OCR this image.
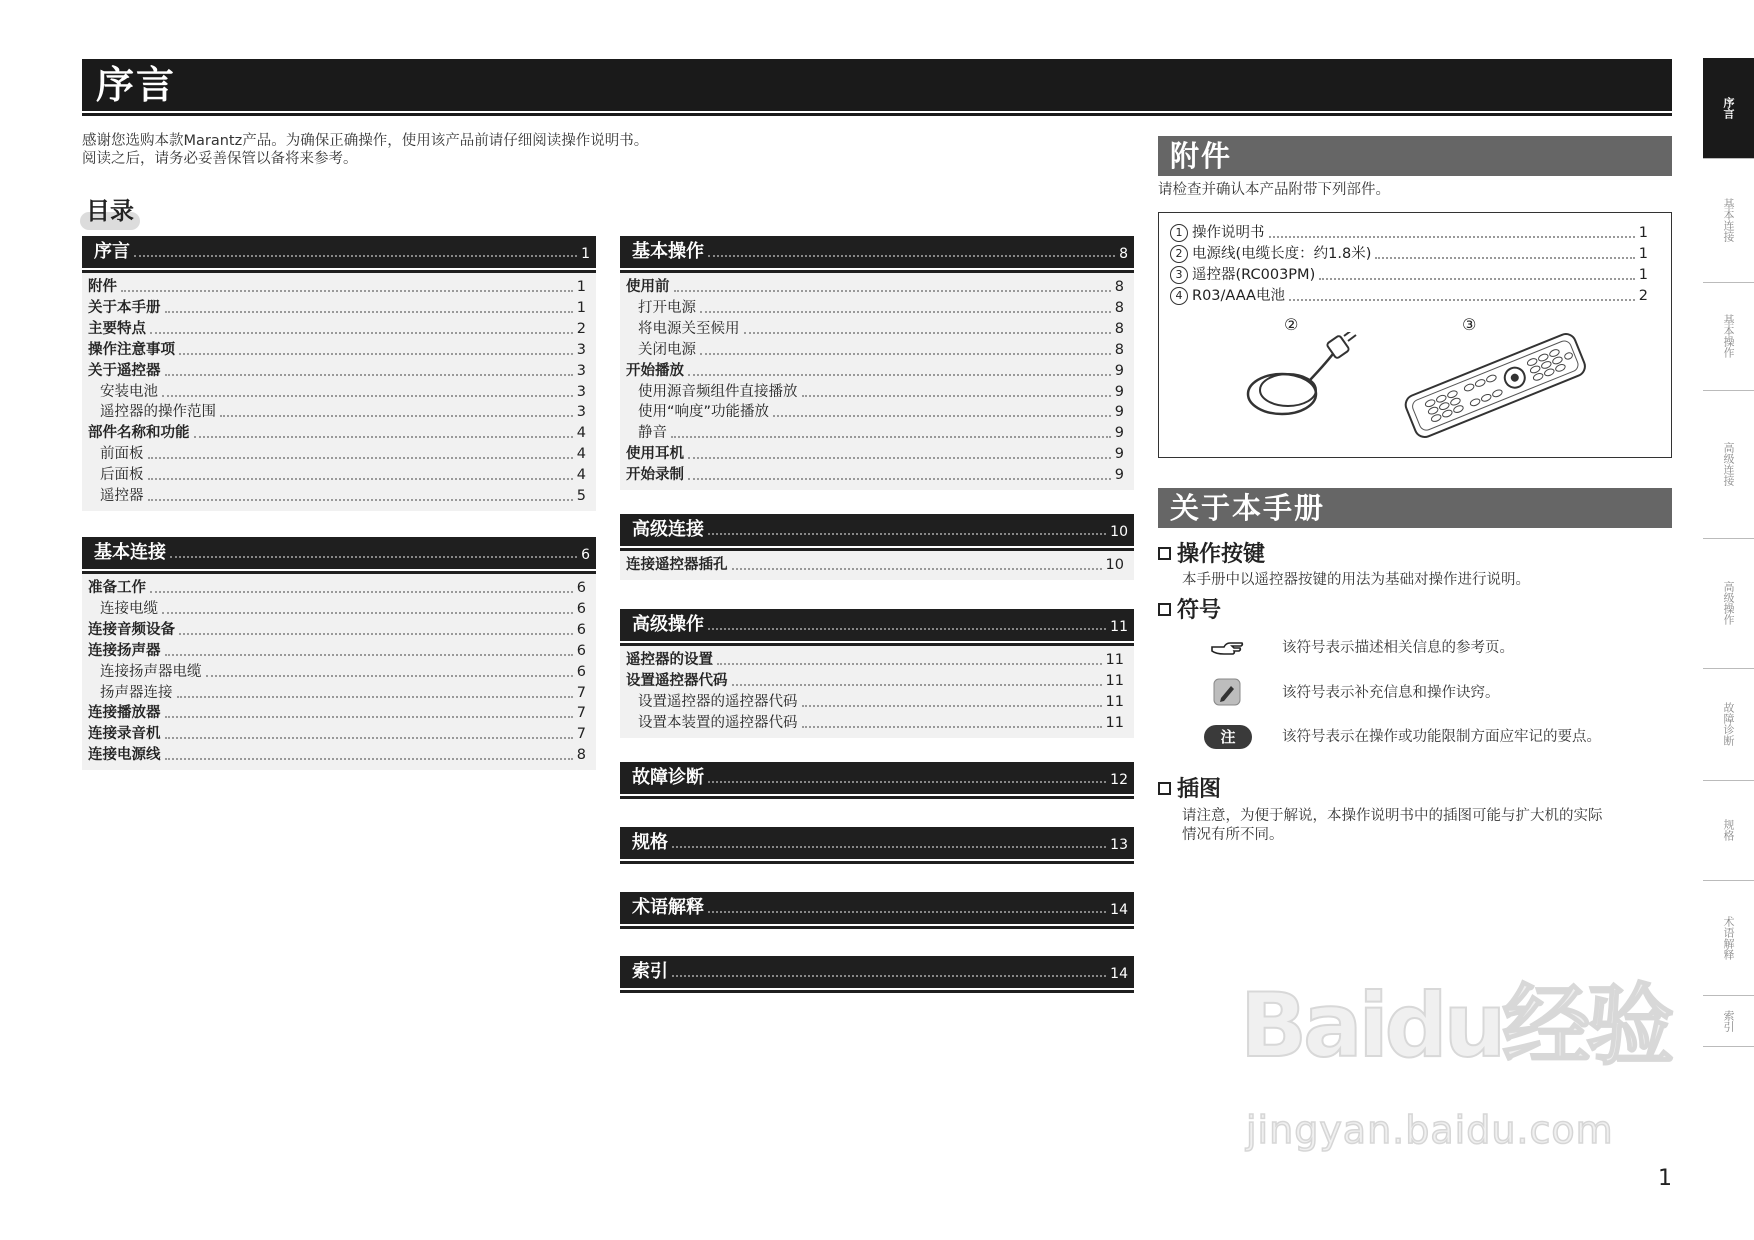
序言
感谢您选购本款Marantz产品。为确保正确操作，使用该产品前请仔细阅读操作说明书。
阅读之后，请务必妥善保管以备将来参考。
目录
序言	1
附件	1
关于本手册	1
主要特点	2
操作注意事项	3
关于遥控器	3
安装电池	3
遥控器的操作范围	3
部件名称和功能	4
前面板	4
后面板	4
遥控器	5
基本连接	6
准备工作	6
连接电缆	6
连接音频设备	6
连接扬声器	6
连接扬声器电缆	6
扬声器连接	7
连接播放器	7
连接录音机	7
连接电源线	8
基本操作	8
使用前	8
打开电源	8
将电源关至候用	8
关闭电源	8
开始播放	9
使用源音频组件直接播放	9
使用“响度”功能播放	9
静音	9
使用耳机	9
开始录制	9
高级连接	10
连接遥控器插孔	10
高级操作	11
遥控器的设置	11
设置遥控器代码	11
设置遥控器的遥控器代码	11
设置本装置的遥控器代码	11
故障诊断	12
规格	13
术语解释	14
索引	14
附件
请检查并确认本产品附带下列部件。
1 操作说明书	1
2 电源线(电缆长度：约1.8米)	1
3 遥控器(RC003PM)	1
4 R03/AAA电池	2
②	③
关于本手册
操作按键
本手册中以遥控器按键的用法为基础对操作进行说明。
符号
该符号表示描述相关信息的参考页。
该符号表示补充信息和操作诀窍。
注	该符号表示在操作或功能限制方面应牢记的要点。
插图
请注意，为便于解说，本操作说明书中的插图可能与扩大机的实际
情况有所不同。
序言
基本连接
基本操作
高级连接
高级操作
故障诊断
规格
术语解释
索引
Baidu经验
jingyan.baidu.com
1
